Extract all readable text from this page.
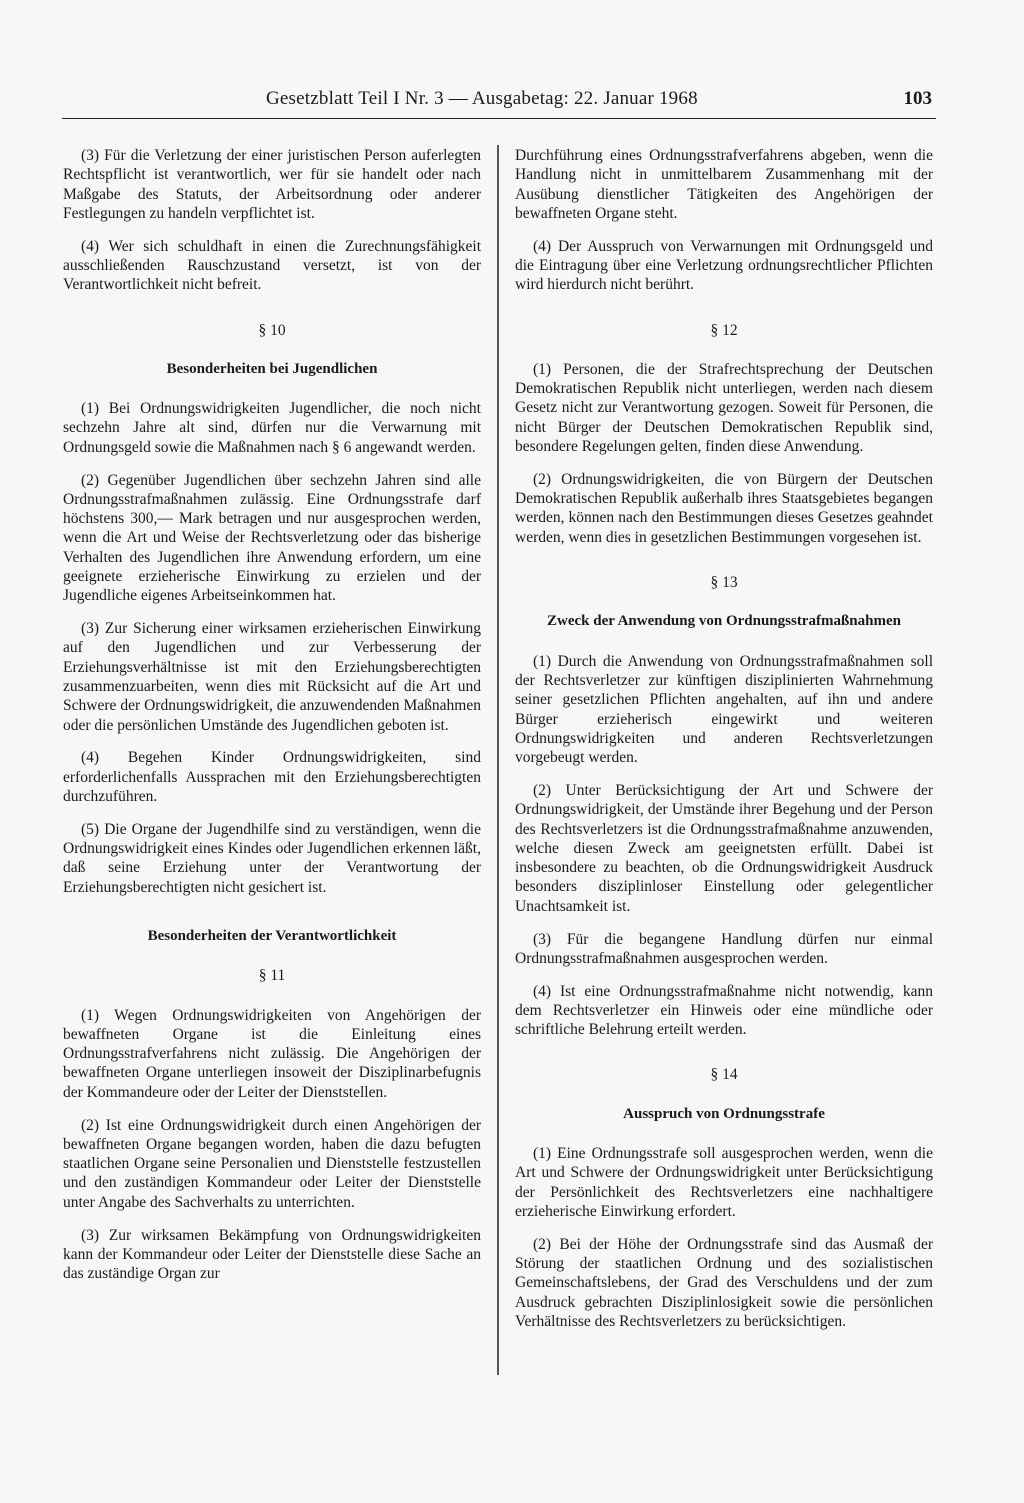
Gesetzblatt Teil I Nr. 3 — Ausgabetag: 22. Januar 1968	103

(3) Für die Verletzung der einer juristischen Person auferlegten Rechtspflicht ist verantwortlich, wer für sie handelt oder nach Maßgabe des Statuts, der Arbeitsordnung oder anderer Festlegungen zu handeln verpflichtet ist.

(4) Wer sich schuldhaft in einen die Zurechnungsfähigkeit ausschließenden Rauschzustand versetzt, ist von der Verantwortlichkeit nicht befreit.

§ 10
Besonderheiten bei Jugendlichen

(1) Bei Ordnungswidrigkeiten Jugendlicher, die noch nicht sechzehn Jahre alt sind, dürfen nur die Verwarnung mit Ordnungsgeld sowie die Maßnahmen nach § 6 angewandt werden.

(2) Gegenüber Jugendlichen über sechzehn Jahren sind alle Ordnungsstrafmaßnahmen zulässig. Eine Ordnungsstrafe darf höchstens 300,— Mark betragen und nur ausgesprochen werden, wenn die Art und Weise der Rechtsverletzung oder das bisherige Verhalten des Jugendlichen ihre Anwendung erfordern, um eine geeignete erzieherische Einwirkung zu erzielen und der Jugendliche eigenes Arbeitseinkommen hat.

(3) Zur Sicherung einer wirksamen erzieherischen Einwirkung auf den Jugendlichen und zur Verbesserung der Erziehungsverhältnisse ist mit den Erziehungsberechtigten zusammenzuarbeiten, wenn dies mit Rücksicht auf die Art und Schwere der Ordnungswidrigkeit, die anzuwendenden Maßnahmen oder die persönlichen Umstände des Jugendlichen geboten ist.

(4) Begehen Kinder Ordnungswidrigkeiten, sind erforderlichenfalls Aussprachen mit den Erziehungsberechtigten durchzuführen.

(5) Die Organe der Jugendhilfe sind zu verständigen, wenn die Ordnungswidrigkeit eines Kindes oder Jugendlichen erkennen läßt, daß seine Erziehung unter der Verantwortung der Erziehungsberechtigten nicht gesichert ist.

Besonderheiten der Verantwortlichkeit
§ 11

(1) Wegen Ordnungswidrigkeiten von Angehörigen der bewaffneten Organe ist die Einleitung eines Ordnungsstrafverfahrens nicht zulässig. Die Angehörigen der bewaffneten Organe unterliegen insoweit der Disziplinarbefugnis der Kommandeure oder der Leiter der Dienststellen.

(2) Ist eine Ordnungswidrigkeit durch einen Angehörigen der bewaffneten Organe begangen worden, haben die dazu befugten staatlichen Organe seine Personalien und Dienststelle festzustellen und den zuständigen Kommandeur oder Leiter der Dienststelle unter Angabe des Sachverhalts zu unterrichten.

(3) Zur wirksamen Bekämpfung von Ordnungswidrigkeiten kann der Kommandeur oder Leiter der Dienststelle diese Sache an das zuständige Organ zur

Durchführung eines Ordnungsstrafverfahrens abgeben, wenn die Handlung nicht in unmittelbarem Zusammenhang mit der Ausübung dienstlicher Tätigkeiten des Angehörigen der bewaffneten Organe steht.

(4) Der Ausspruch von Verwarnungen mit Ordnungsgeld und die Eintragung über eine Verletzung ordnungsrechtlicher Pflichten wird hierdurch nicht berührt.

§ 12

(1) Personen, die der Strafrechtsprechung der Deutschen Demokratischen Republik nicht unterliegen, werden nach diesem Gesetz nicht zur Verantwortung gezogen. Soweit für Personen, die nicht Bürger der Deutschen Demokratischen Republik sind, besondere Regelungen gelten, finden diese Anwendung.

(2) Ordnungswidrigkeiten, die von Bürgern der Deutschen Demokratischen Republik außerhalb ihres Staatsgebietes begangen werden, können nach den Bestimmungen dieses Gesetzes geahndet werden, wenn dies in gesetzlichen Bestimmungen vorgesehen ist.

§ 13
Zweck der Anwendung von Ordnungsstrafmaßnahmen

(1) Durch die Anwendung von Ordnungsstrafmaßnahmen soll der Rechtsverletzer zur künftigen disziplinierten Wahrnehmung seiner gesetzlichen Pflichten angehalten, auf ihn und andere Bürger erzieherisch eingewirkt und weiteren Ordnungswidrigkeiten und anderen Rechtsverletzungen vorgebeugt werden.

(2) Unter Berücksichtigung der Art und Schwere der Ordnungswidrigkeit, der Umstände ihrer Begehung und der Person des Rechtsverletzers ist die Ordnungsstrafmaßnahme anzuwenden, welche diesen Zweck am geeignetsten erfüllt. Dabei ist insbesondere zu beachten, ob die Ordnungswidrigkeit Ausdruck besonders disziplinloser Einstellung oder gelegentlicher Unachtsamkeit ist.

(3) Für die begangene Handlung dürfen nur einmal Ordnungsstrafmaßnahmen ausgesprochen werden.

(4) Ist eine Ordnungsstrafmaßnahme nicht notwendig, kann dem Rechtsverletzer ein Hinweis oder eine mündliche oder schriftliche Belehrung erteilt werden.

§ 14
Ausspruch von Ordnungsstrafe

(1) Eine Ordnungsstrafe soll ausgesprochen werden, wenn die Art und Schwere der Ordnungswidrigkeit unter Berücksichtigung der Persönlichkeit des Rechtsverletzers eine nachhaltigere erzieherische Einwirkung erfordert.

(2) Bei der Höhe der Ordnungsstrafe sind das Ausmaß der Störung der staatlichen Ordnung und des sozialistischen Gemeinschaftslebens, der Grad des Verschuldens und der zum Ausdruck gebrachten Disziplinlosigkeit sowie die persönlichen Verhältnisse des Rechtsverletzers zu berücksichtigen.
